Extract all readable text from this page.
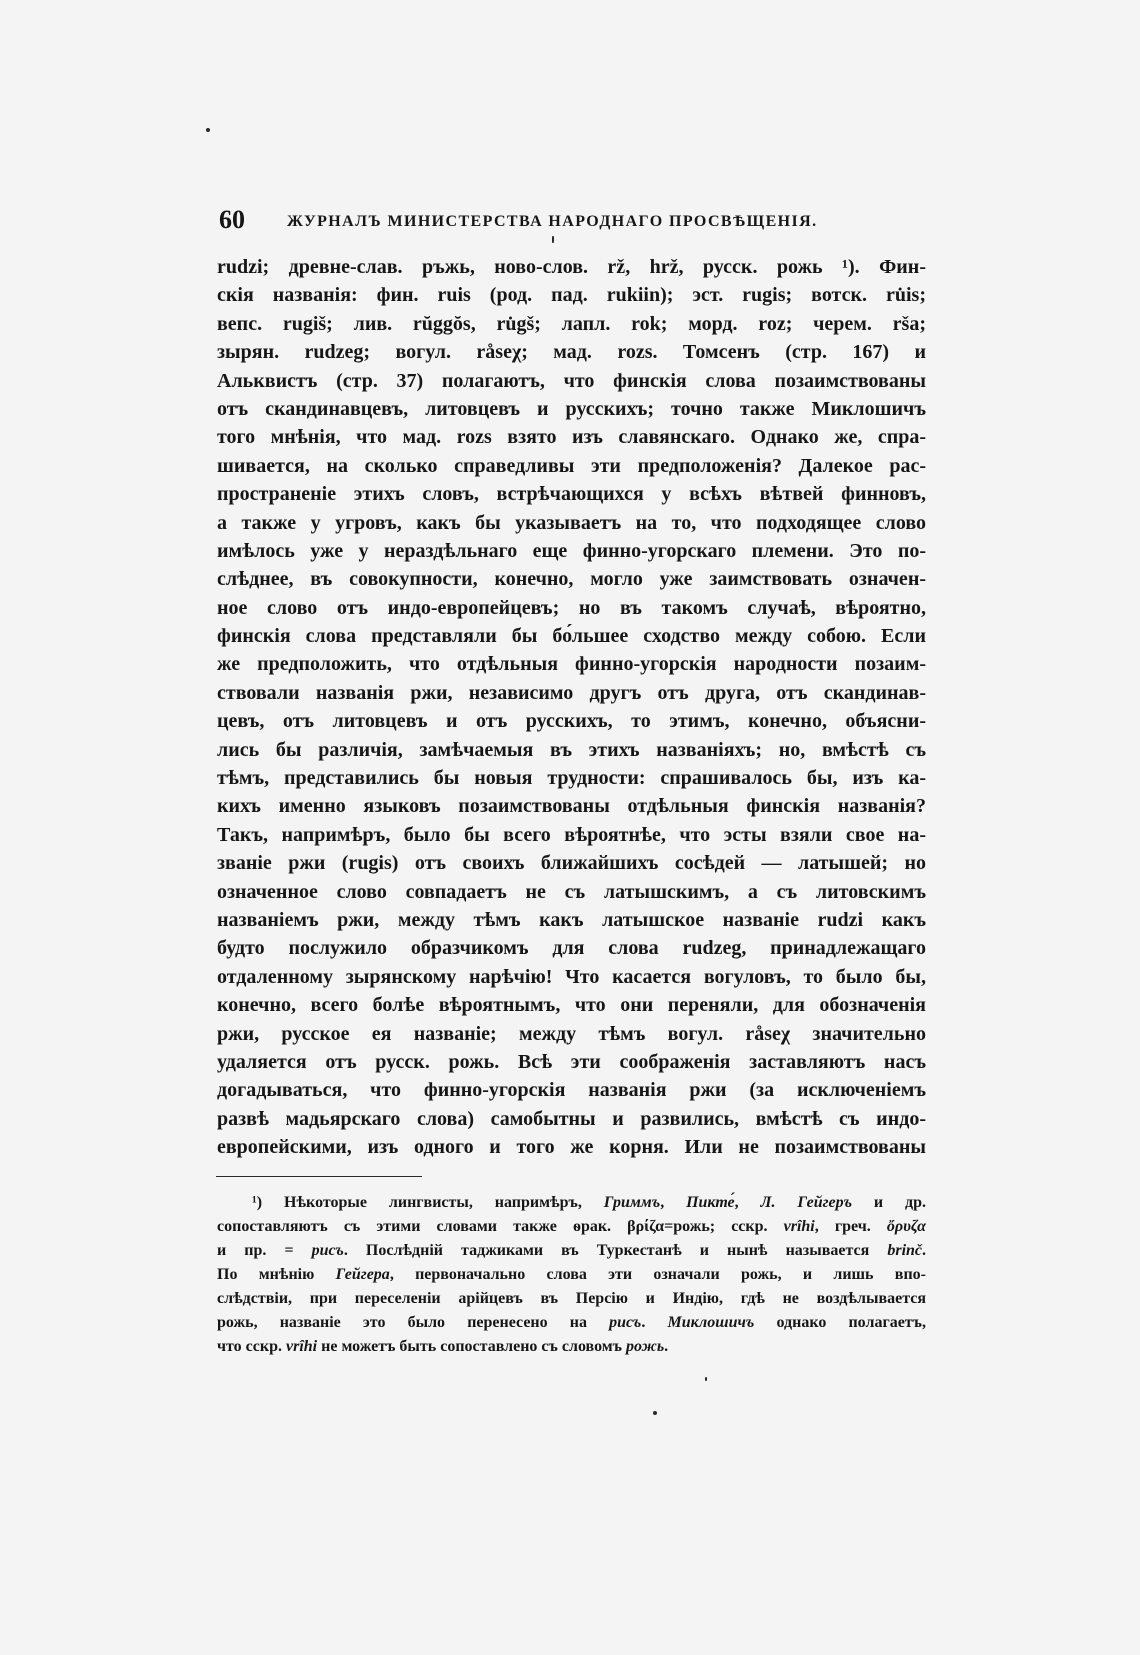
60	ЖУРНАЛЪ МИНИСТЕРСТВА НАРОДНАГО ПРОСВѢЩЕНІЯ.
rudzi; древне-слав. ръжь, ново-слов. rž, hrž, русск. рожь ¹). Фин-
скія названія: фин. ruis (род. пад. rukiin); эст. rugis; вотск. ru̇is;
вепс. rugiš; лив. rŭggŏs, ru̇gš; лапл. rok; морд. roz; черем. rša;
зырян. rudzeg; вогул. råseχ; мад. rozs. Томсенъ (стр. 167) и
Альквистъ (стр. 37) полагаютъ, что финскія слова позаимствованы
отъ скандинавцевъ, литовцевъ и русскихъ; точно также Миклошичъ
того мнѣнія, что мад. rozs взято изъ славянскаго. Однако же, спра-
шивается, на сколько справедливы эти предположенія? Далекое рас-
пространеніе этихъ словъ, встрѣчающихся у всѣхъ вѣтвей финновъ,
а также у угровъ, какъ бы указываетъ на то, что подходящее слово
имѣлось уже у нераздѣльнаго еще финно-угорскаго племени. Это по-
слѣднее, въ совокупности, конечно, могло уже заимствовать означен-
ное слово отъ индо-европейцевъ; но въ такомъ случаѣ, вѣроятно,
финскія слова представляли бы бо́льшее сходство между собою. Если
же предположить, что отдѣльныя финно-угорскія народности позаим-
ствовали названія ржи, независимо другъ отъ друга, отъ скандинав-
цевъ, отъ литовцевъ и отъ русскихъ, то этимъ, конечно, объясни-
лись бы различія, замѣчаемыя въ этихъ названіяхъ; но, вмѣстѣ съ
тѣмъ, представились бы новыя трудности: спрашивалось бы, изъ ка-
кихъ именно языковъ позаимствованы отдѣльныя финскія названія?
Такъ, напримѣръ, было бы всего вѣроятнѣе, что эсты взяли свое на-
званіе ржи (rugis) отъ своихъ ближайшихъ сосѣдей — латышей; но
означенное слово совпадаетъ не съ латышскимъ, а съ литовскимъ
названіемъ ржи, между тѣмъ какъ латышское названіе rudzi какъ
будто послужило образчикомъ для слова rudzeg, принадлежащаго
отдаленному зырянскому нарѣчію! Что касается вогуловъ, то было бы,
конечно, всего болѣе вѣроятнымъ, что они переняли, для обозначенія
ржи, русское ея названіе; между тѣмъ вогул. råseχ значительно
удаляется отъ русск. рожь. Всѣ эти соображенія заставляютъ насъ
догадываться, что финно-угорскія названія ржи (за исключеніемъ
развѣ мадьярскаго слова) самобытны и развились, вмѣстѣ съ индо-
европейскими, изъ одного и того же корня. Или не позаимствованы
¹) Нѣкоторые лингвисты, напримѣръ, Гриммъ, Пикте́, Л. Гейгеръ и др.
сопоставляютъ съ этими словами также ѳрак. βρίζα=рожь; сскр. vrîhi, греч. ὄρυζα
и пр. = рисъ. Послѣдній таджиками въ Туркестанѣ и нынѣ называется brinč.
По мнѣнію Гейгера, первоначально слова эти означали рожь, и лишь впо-
слѣдствіи, при переселеніи арійцевъ въ Персію и Индію, гдѣ не воздѣлывается
рожь, названіе это было перенесено на рисъ. Миклошичъ однако полагаетъ,
что сскр. vrîhi не можетъ быть сопоставлено съ словомъ рожь.
